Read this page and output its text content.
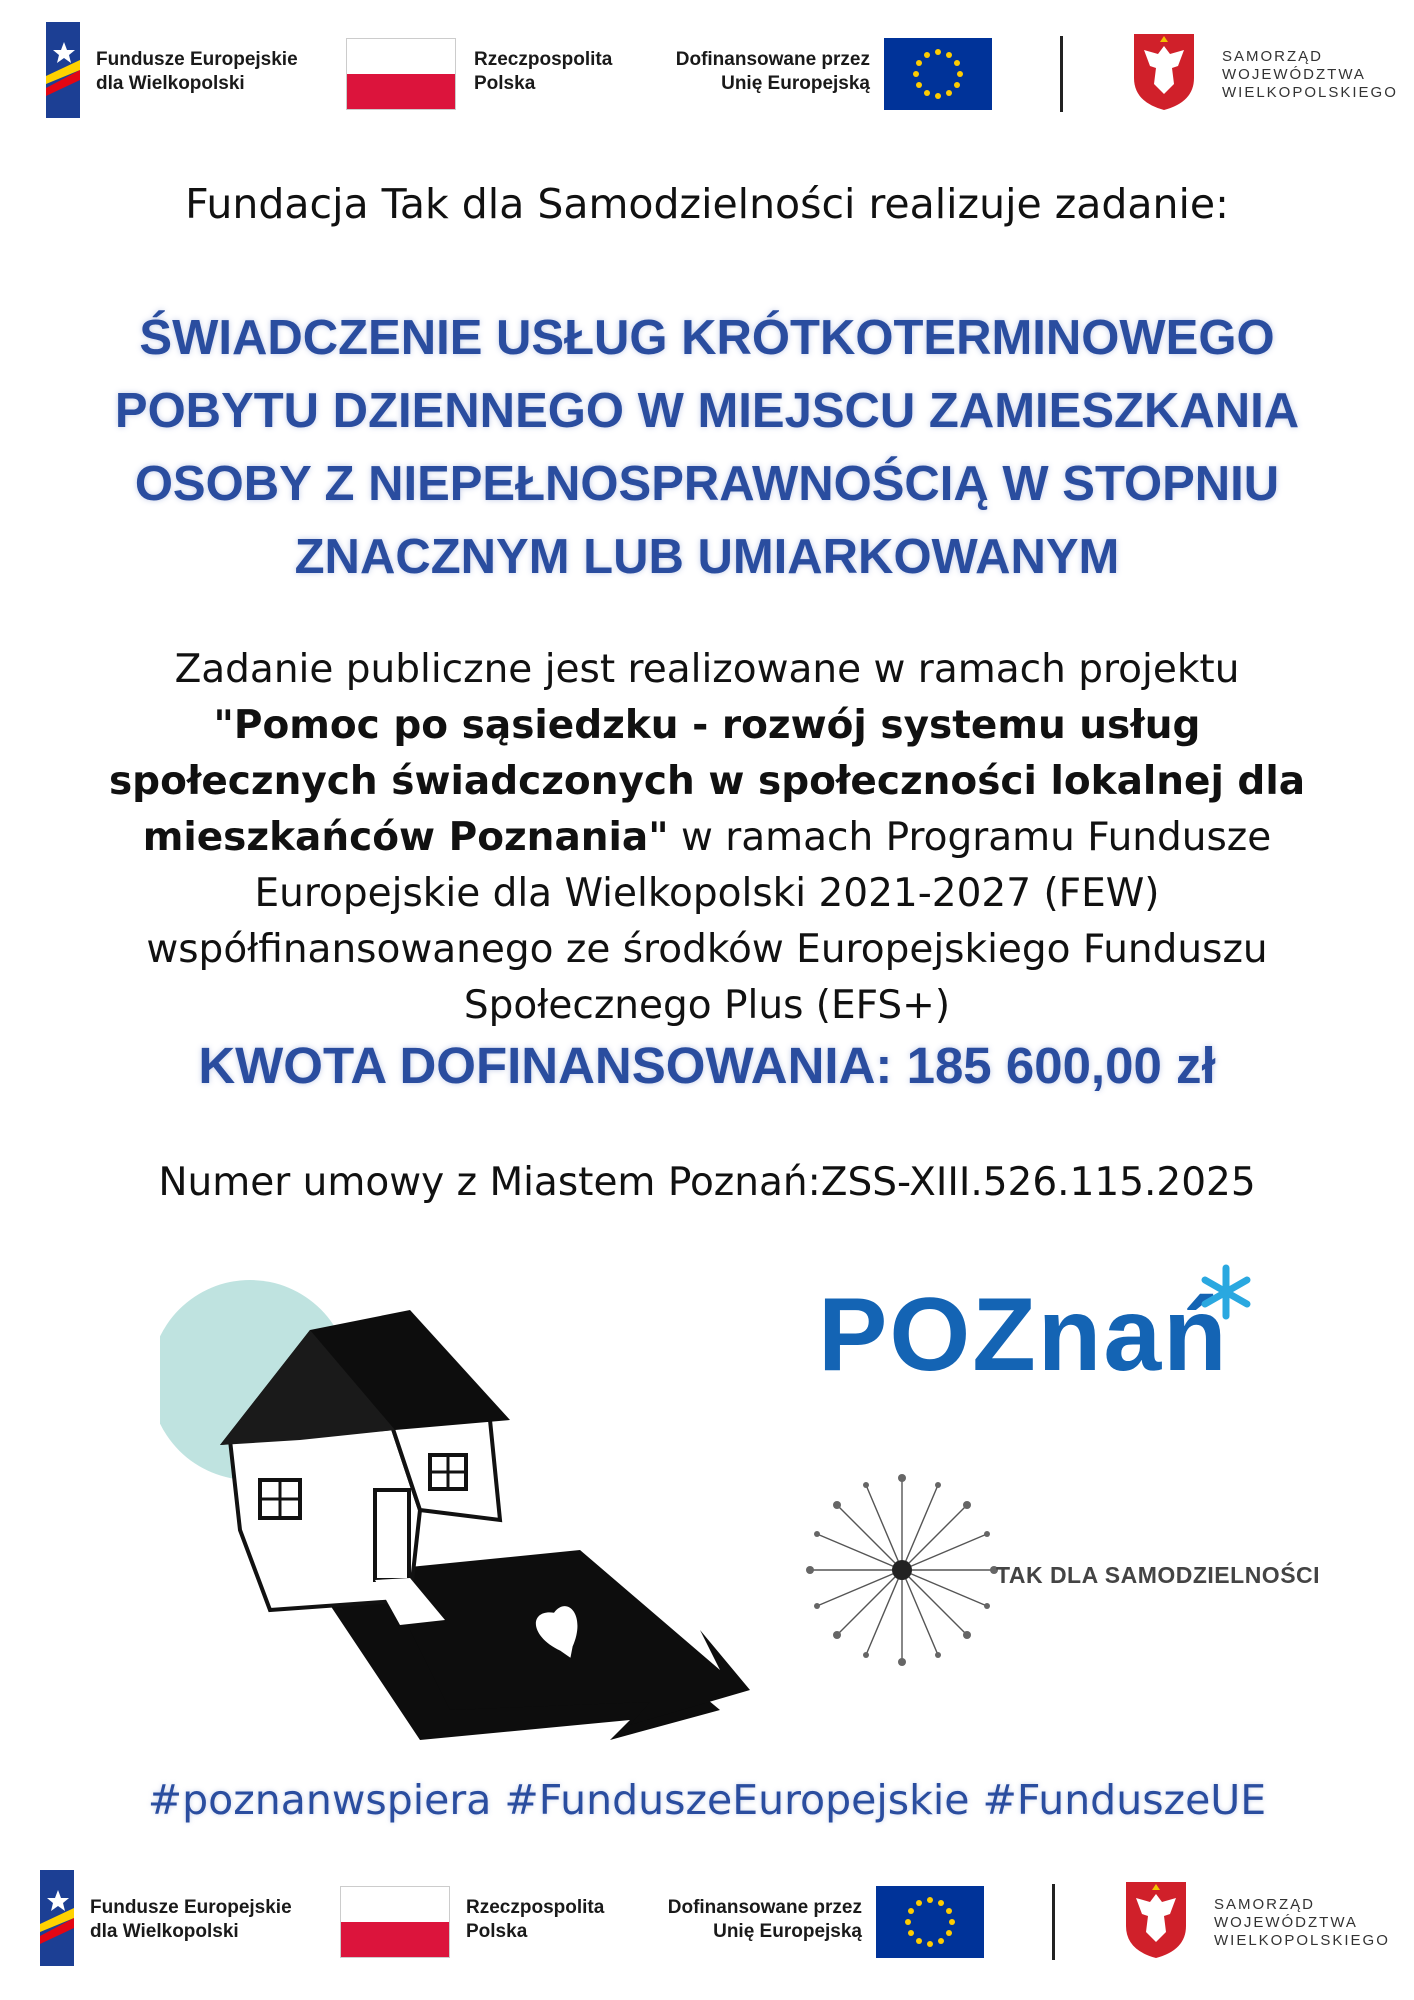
Fundusze Europejskie
dla Wielkopolski
Rzeczpospolita
Polska
Dofinansowane przez
Unię Europejską
SAMORZĄD
WOJEWÓDZTWA
WIELKOPOLSKIEGO
Fundacja Tak dla Samodzielności realizuje zadanie:
ŚWIADCZENIE USŁUG KRÓTKOTERMINOWEGO
POBYTU DZIENNEGO W MIEJSCU ZAMIESZKANIA
OSOBY Z NIEPEŁNOSPRAWNOŚCIĄ W STOPNIU
ZNACZNYM LUB UMIARKOWANYM
Zadanie publiczne jest realizowane w ramach projektu
"Pomoc po sąsiedzku - rozwój systemu usług społecznych świadczonych w społeczności lokalnej dla mieszkańców Poznania" w ramach Programu Fundusze Europejskie dla Wielkopolski 2021-2027 (FEW) współfinansowanego ze środków Europejskiego Funduszu Społecznego Plus (EFS+)
KWOTA DOFINANSOWANIA: 185 600,00 zł
Numer umowy z Miastem Poznań:ZSS-XIII.526.115.2025
POZnań
TAK DLA SAMODZIELNOŚCI
#poznanwspiera #FunduszeEuropejskie #FunduszeUE
Fundusze Europejskie
dla Wielkopolski
Rzeczpospolita
Polska
Dofinansowane przez
Unię Europejską
SAMORZĄD
WOJEWÓDZTWA
WIELKOPOLSKIEGO
